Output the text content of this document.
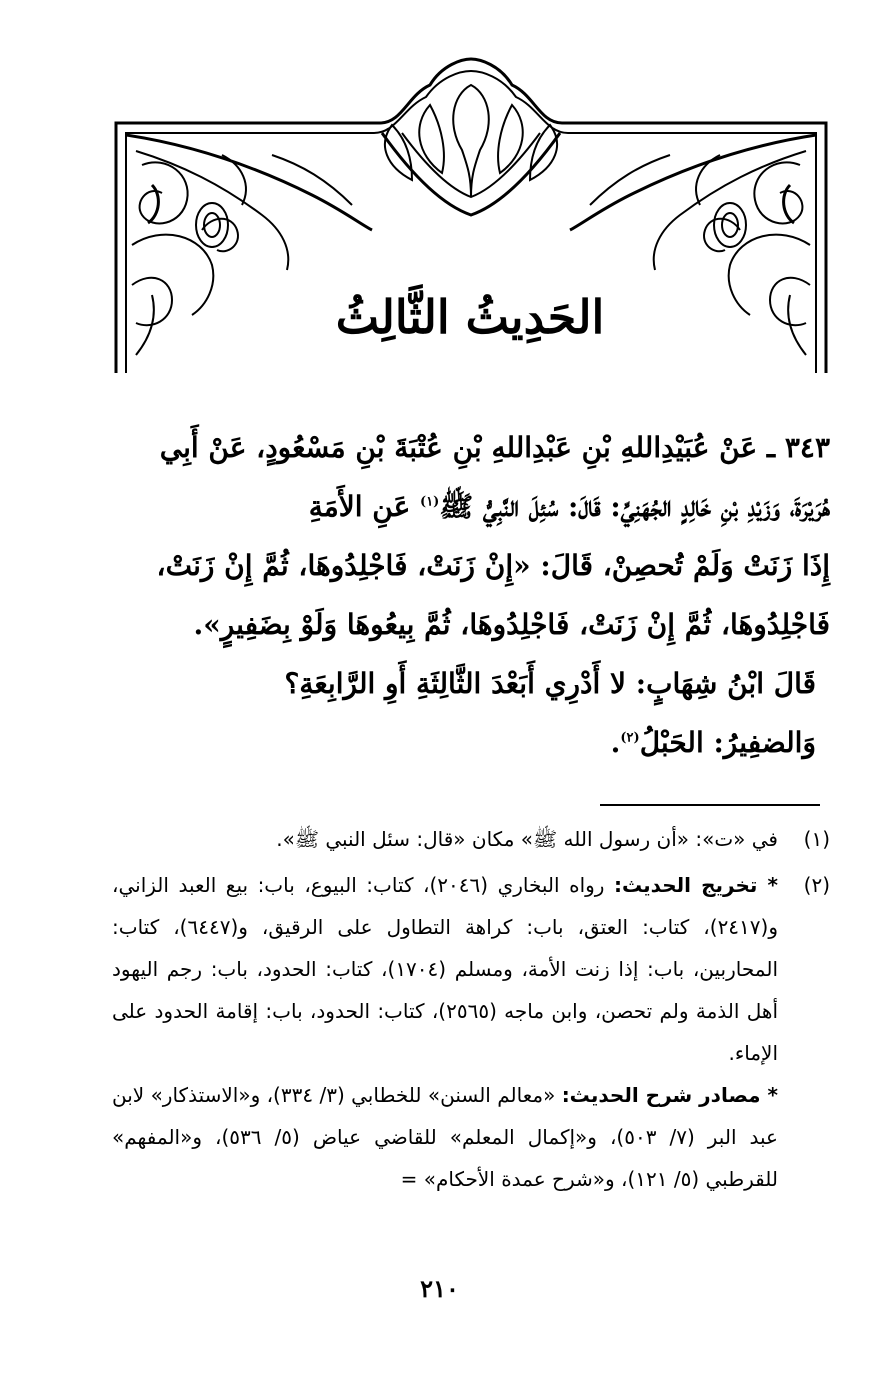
الحَدِيثُ الثَّالِثُ

٣٤٣ ـ عَنْ عُبَيْدِاللهِ بْنِ عَبْدِاللهِ بْنِ عُتْبَةَ بْنِ مَسْعُودٍ، عَنْ أَبِي

هُرَيْرَةَ، وَزَيْدِ بْنِ خَالِدٍ الجُهَنِيِّ: قَالَ: سُئِلَ النَّبِيُّ ﷺ$^{(١)}$ عَنِ الأَمَةِ

إِذَا زَنَتْ وَلَمْ تُحصِنْ، قَالَ: «إِنْ زَنَتْ، فَاجْلِدُوهَا، ثُمَّ إِنْ زَنَتْ،

فَاجْلِدُوهَا، ثُمَّ إِنْ زَنَتْ، فَاجْلِدُوهَا، ثُمَّ بِيعُوهَا وَلَوْ بِضَفِيرٍ».

قَالَ ابْنُ شِهَابٍ: لا أَدْرِي أَبَعْدَ الثَّالِثَةِ أَوِ الرَّابِعَةِ؟

وَالضفِيرُ: الحَبْلُ$^{(٢)}$.

(١)
في «ت»: «أن رسول الله ﷺ» مكان «قال: سئل النبي ﷺ».
(٢)
* تخريج الحديث: رواه البخاري (٢٠٤٦)، كتاب: البيوع، باب: بيع العبد الزاني، و(٢٤١٧)، كتاب: العتق، باب: كراهة التطاول على الرقيق، و(٦٤٤٧)، كتاب: المحاربين، باب: إذا زنت الأمة، ومسلم (١٧٠٤)، كتاب: الحدود، باب: رجم اليهود أهل الذمة ولم تحصن، وابن ماجه (٢٥٦٥)، كتاب: الحدود، باب: إقامة الحدود على الإماء.
* مصادر شرح الحديث: «معالم السنن» للخطابي (٣/ ٣٣٤)، و«الاستذكار» لابن عبد البر (٧/ ٥٠٣)، و«إكمال المعلم» للقاضي عياض (٥/ ٥٣٦)، و«المفهم» للقرطبي (٥/ ١٢١)، و«شرح عمدة الأحكام» =
٢١٠
